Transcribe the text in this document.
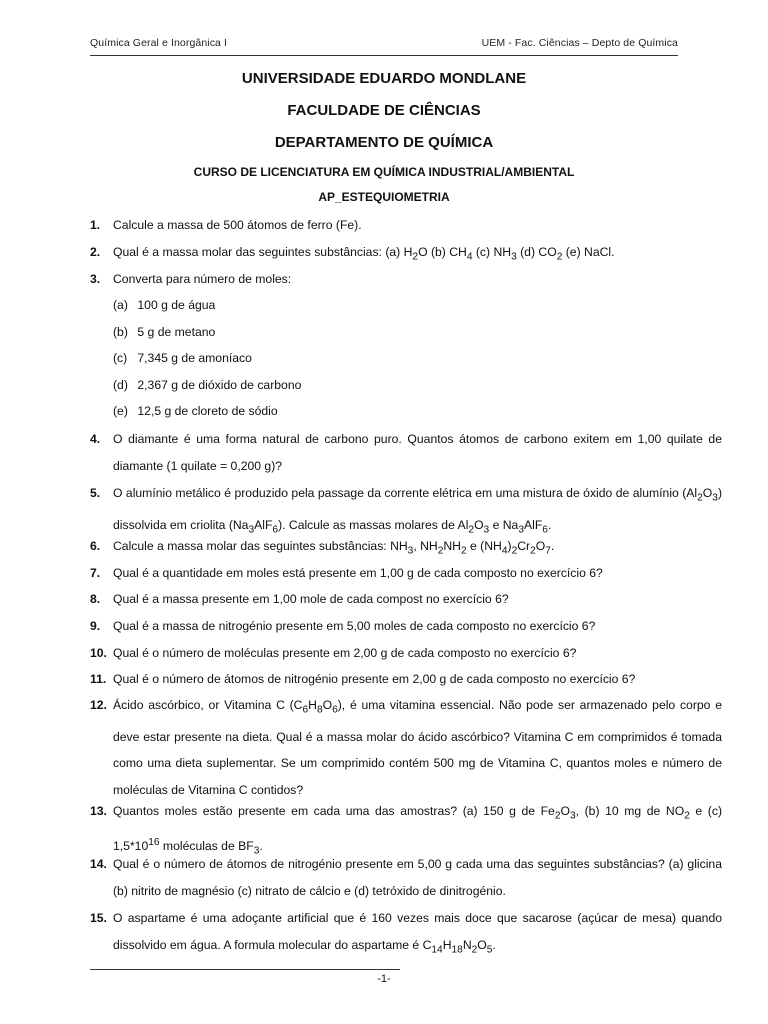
Química Geral e Inorgânica I	UEM - Fac. Ciências – Depto de Química
UNIVERSIDADE EDUARDO MONDLANE
FACULDADE DE CIÊNCIAS
DEPARTAMENTO DE QUÍMICA
CURSO DE LICENCIATURA EM QUÍMICA INDUSTRIAL/AMBIENTAL
AP_ESTEQUIOMETRIA
1.	Calcule a massa de 500 átomos de ferro (Fe).
2.	Qual é a massa molar das seguintes substâncias: (a) $H_2O$ (b) $CH_4$ (c) $NH_3$ (d) $CO_2$ (e) NaCl.
3.	Converta para número de moles:
4.	O diamante é uma forma natural de carbono puro. Quantos átomos de carbono exitem em 1,00 quilate de diamante (1 quilate = 0,200 g)?
5.	O alumínio metálico é produzido pela passage da corrente elétrica em uma mistura de óxido de alumínio $(Al_2O_3)$ dissolvida em criolita $(Na_3AlF_6)$. Calcule as massas molares de $Al_2O_3$ e $Na_3AlF_6$.
6.	Calcule a massa molar das seguintes substâncias: $NH_3$, $NH_2NH_2$ e $(NH_4)_2Cr_2O_7$.
7.	Qual é a quantidade em moles está presente em 1,00 g de cada composto no exercício 6?
8.	Qual é a massa presente em 1,00 mole de cada compost no exercício 6?
9.	Qual é a massa de nitrogénio presente em 5,00 moles de cada composto no exercício 6?
10. Qual é o número de moléculas presente em 2,00 g de cada composto no exercício 6?
11. Qual é o número de átomos de nitrogénio presente em 2,00 g de cada composto no exercício 6?
12. Ácido ascórbico, or Vitamina C $(C_6H_8O_6)$, é uma vitamina essencial. Não pode ser armazenado pelo corpo e deve estar presente na dieta. Qual é a massa molar do ácido ascórbico? Vitamina C em comprimidos é tomada como uma dieta suplementar. Se um comprimido contém 500 mg de Vitamina C, quantos moles e número de moléculas de Vitamina C contidos?
13. Quantos moles estão presente em cada uma das amostras? (a) 150 g de $Fe_2O_3$, (b) 10 mg de $NO_2$ e (c) $1,5*10^{16}$ moléculas de $BF_3$.
14. Qual é o número de átomos de nitrogénio presente em 5,00 g cada uma das seguintes substâncias? (a) glicina (b) nitrito de magnésio (c) nitrato de cálcio e (d) tetróxido de dinitrogénio.
15. O aspartame é uma adoçante artificial que é 160 vezes mais doce que sacarose (açúcar de mesa) quando dissolvido em água. A formula molecular do aspartame é $C_{14}H_{18}N_2O_5$.
(a) 100 g de água
(b) 5 g de metano
(c) 7,345 g de amoníaco
(d) 2,367 g de dióxido de carbono
(e) 12,5 g de cloreto de sódio
-1-
